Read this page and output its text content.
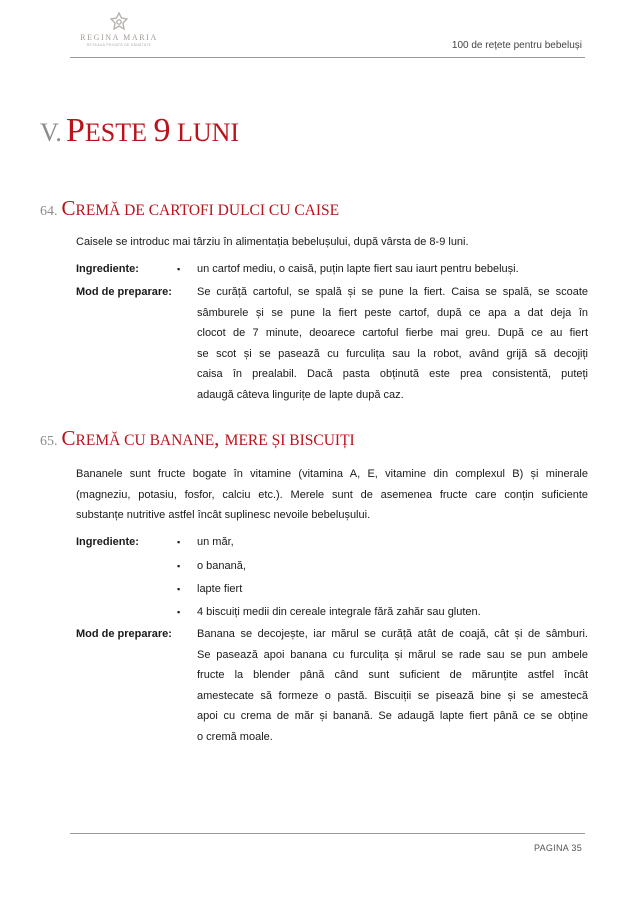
REGINA MARIA
REȚEAUA PRIVATĂ DE SĂNĂTATE	100 de rețete pentru bebeluși
V. PESTE 9 LUNI
64. CREMĂ DE CARTOFI DULCI CU CAISE
Caisele se introduc mai târziu în alimentația bebelușului, după vârsta de 8-9 luni.
Ingrediente:	▪ un cartof mediu, o caisă, puțin lapte fiert sau iaurt pentru bebeluși.
Mod de preparare: Se curăță cartoful, se spală și se pune la fiert. Caisa se spală, se scoate
sâmburele și se pune la fiert peste cartof, după ce apa a dat deja în
clocot de 7 minute, deoarece cartoful fierbe mai greu. După ce au fiert
se scot și se pasează cu furculița sau la robot, având grijă să decojiți
caisa în prealabil. Dacă pasta obținută este prea consistentă, puteți
adaugă câteva lingurițe de lapte după caz.
65. CREMĂ CU BANANE, MERE ȘI BISCUIȚI
Bananele sunt fructe bogate în vitamine (vitamina A, E, vitamine din complexul B) și minerale
(magneziu, potasiu, fosfor, calciu etc.). Merele sunt de asemenea fructe care conțin suficiente
substanțe nutritive astfel încât suplinesc nevoile bebelușului.
Ingrediente:	▪ un măr,
▪ o banană,
▪ lapte fiert
▪ 4 biscuiți medii din cereale integrale fără zahăr sau gluten.
Mod de preparare: Banana se decojește, iar mărul se curăță atât de coajă, cât și de sâmburi.
Se pasează apoi banana cu furculița și mărul se rade sau se pun ambele
fructe la blender până când sunt suficient de mărunțite astfel încât
amestecate să formeze o pastă. Biscuiții se pisează bine și se amestecă
apoi cu crema de măr și banană. Se adaugă lapte fiert până ce se obține
o cremă moale.
PAGINA 35
